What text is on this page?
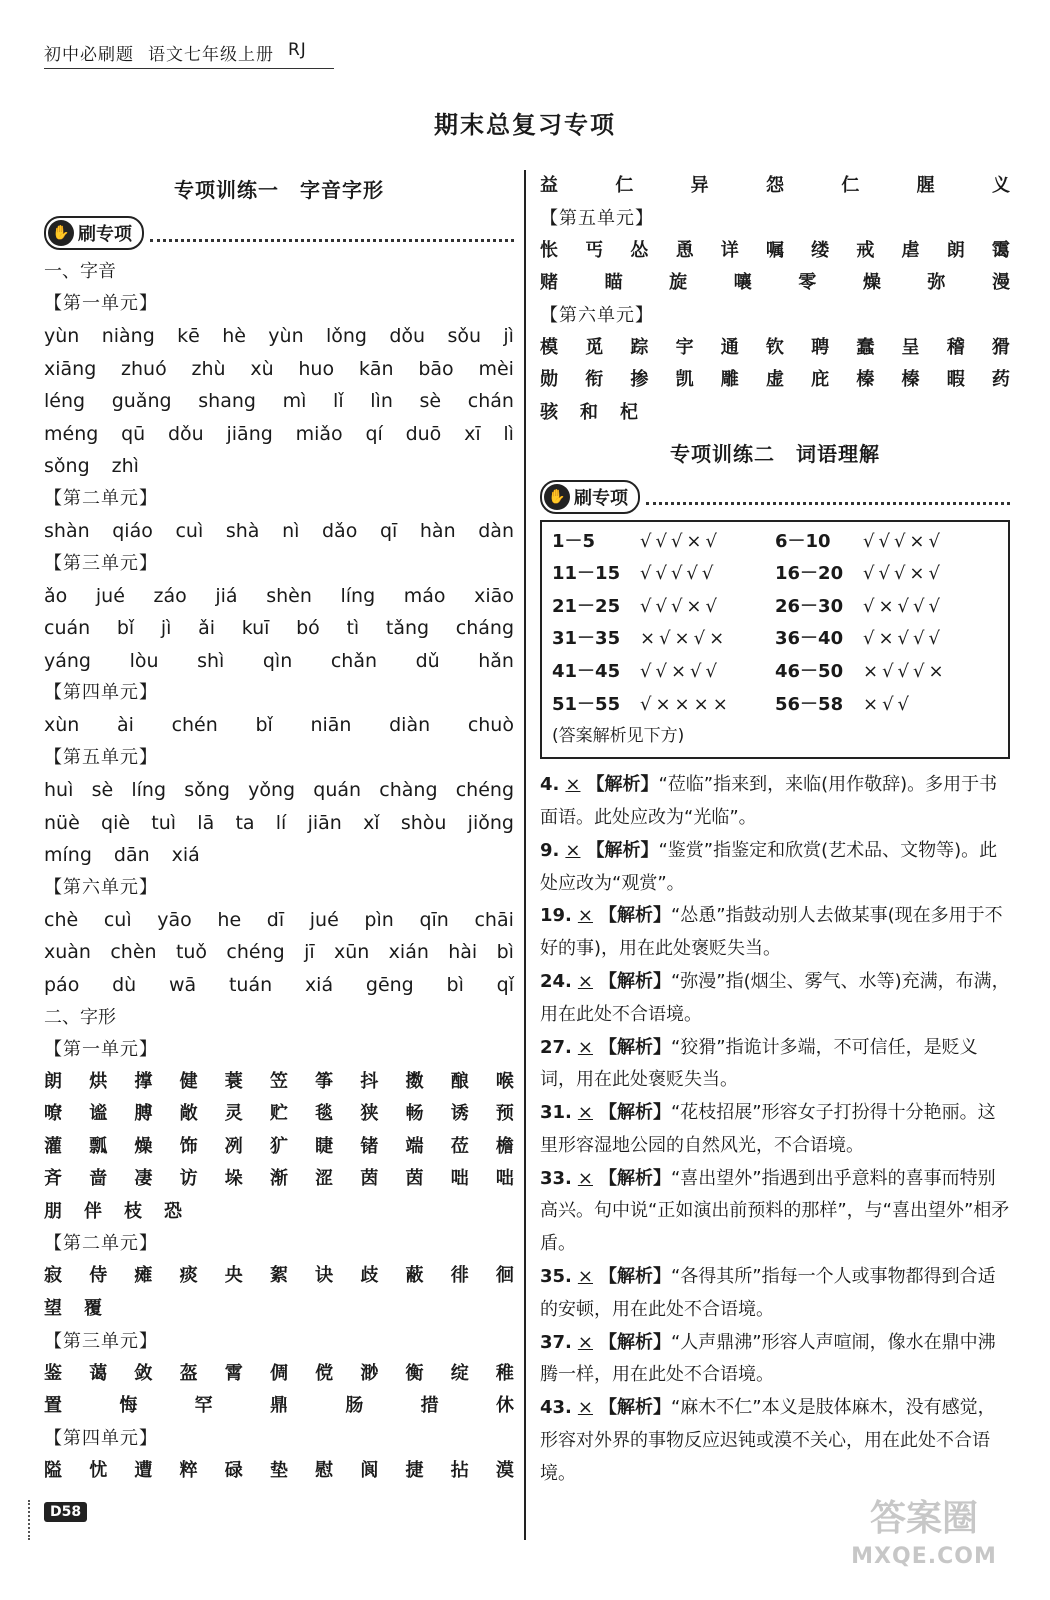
初中必刷题 语文七年级上册 RJ
期末总复习专项
专项训练一　字音字形
✋ 刷专项
一、字音
【第一单元】
yùn niàng kē hè yùn lǒng dǒu sǒu jì
xiāng zhuó zhù xù huo kān bāo mèi
léng guǎng shang mì lǐ lìn sè chán
méng qū dǒu jiāng miǎo qí duō xī lì
sǒng zhì
【第二单元】
shàn qiáo cuì shà nì dǎo qī hàn dàn
【第三单元】
ǎo jué záo jiá shèn líng máo xiāo
cuán bǐ jì ǎi kuī bó tì tǎng cháng
yáng lòu shì qìn chǎn dǔ hǎn
【第四单元】
xùn ài chén bǐ niān diàn chuò
【第五单元】
huì sè líng sǒng yǒng quán chàng chéng
nüè qiè tuì lā ta lí jiān xǐ shòu jiǒng
míng dān xiá
【第六单元】
chè cuì yāo he dī jué pìn qīn chāi
xuàn chèn tuǒ chéng jī xūn xián hài bì
páo dù wā tuán xiá gēng bì qǐ
二、字形
【第一单元】
朗 烘 撑 健 蓑 笠 筝 抖 擞 酿 喉
嘹 谧 膊 敞 灵 贮 毯 狭 畅 诱 预
灌 瓢 燥 饰 冽 犷 睫 锗 端 莅 檐
斉 啬 凄 访 垛 渐 涩 茵 茵 咄 咄
朋 伴 枝 恐
【第二单元】
寂 侍 瘫 痰 央 絮 诀 歧 蔽 徘 徊
望 覆
【第三单元】
鉴 蔼 敛 盔 霄 倜 傥 渺 衡 绽 稚
置	悔	罕	鼎	肠	措	休
【第四单元】
隘 忧 遭 粹 碌 垫 慰 阆 捷 拈 漠
益	仁	异	怨	仁	腥	义
【第五单元】
怅 丐 怂 恿 详 嘱 缕 戒 虐 朗 霭
赌	瞄	旋	嚷	零	燥	弥	漫
【第六单元】
模 觅 踪 宇 通 钦 聘 蠢 呈 稽 猾
勋 衔 掺 凯 雕 虚 庇 榛 榛 暇 药
骇 和 杞
专项训练二　词语理解
✋ 刷专项
1－5	√√√×√	6－10	√√√×√
11－15	√√√√√	16－20	√√√×√
21－25	√√√×√	26－30	√×√√√
31－35	×√×√×	36－40	√×√√√
41－45	√√×√√	46－50	×√√√×
51－55	√×××× 56－58	×√√
(答案解析见下方)
4. × 【解析】“莅临”指来到，来临(用作敬辞)。多用于书面语。此处应改为“光临”。
9. × 【解析】“鉴赏”指鉴定和欣赏(艺术品、文物等)。此处应改为“观赏”。
19. × 【解析】“怂恿”指鼓动别人去做某事(现在多用于不好的事)，用在此处褒贬失当。
24. × 【解析】“弥漫”指(烟尘、雾气、水等)充满，布满，用在此处不合语境。
27. × 【解析】“狡猾”指诡计多端，不可信任，是贬义词，用在此处褒贬失当。
31. × 【解析】“花枝招展”形容女子打扮得十分艳丽。这里形容湿地公园的自然风光，不合语境。
33. × 【解析】“喜出望外”指遇到出乎意料的喜事而特别高兴。句中说“正如演出前预料的那样”，与“喜出望外”相矛盾。
35. × 【解析】“各得其所”指每一个人或事物都得到合适的安顿，用在此处不合语境。
37. × 【解析】“人声鼎沸”形容人声喧闹，像水在鼎中沸腾一样，用在此处不合语境。
43. × 【解析】“麻木不仁”本义是肢体麻木，没有感觉，形容对外界的事物反应迟钝或漠不关心，用在此处不合语境。
D58	答案圈
MXQE.COM
